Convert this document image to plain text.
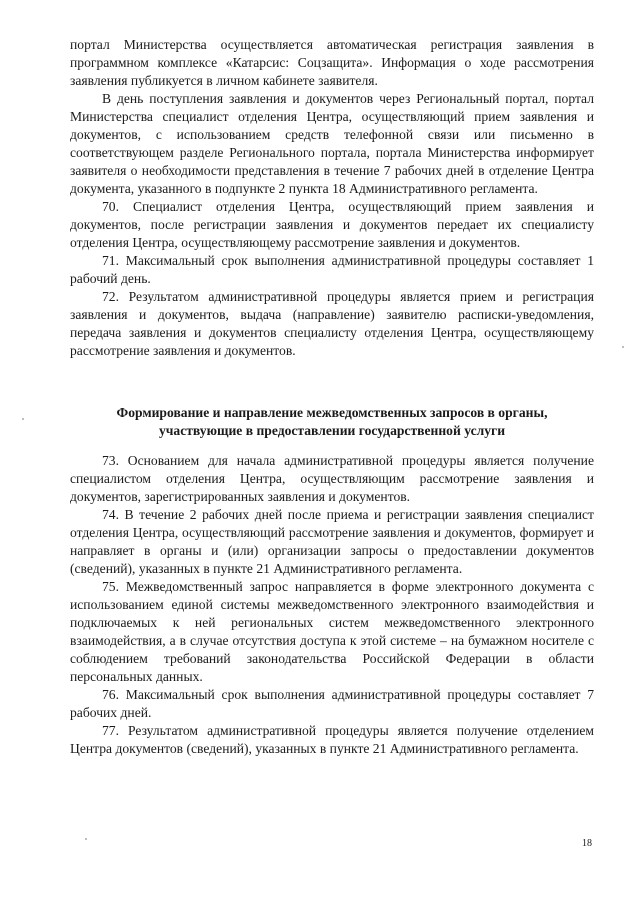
портал Министерства осуществляется автоматическая регистрация заявления в программном комплексе «Катарсис: Соцзащита». Информация о ходе рассмотрения заявления публикуется в личном кабинете заявителя.

В день поступления заявления и документов через Региональный портал, портал Министерства специалист отделения Центра, осуществляющий прием заявления и документов, с использованием средств телефонной связи или письменно в соответствующем разделе Регионального портала, портала Министерства информирует заявителя о необходимости представления в течение 7 рабочих дней в отделение Центра документа, указанного в подпункте 2 пункта 18 Административного регламента.

70. Специалист отделения Центра, осуществляющий прием заявления и документов, после регистрации заявления и документов передает их специалисту отделения Центра, осуществляющему рассмотрение заявления и документов.

71. Максимальный срок выполнения административной процедуры составляет 1 рабочий день.

72. Результатом административной процедуры является прием и регистрация заявления и документов, выдача (направление) заявителю расписки-уведомления, передача заявления и документов специалисту отделения Центра, осуществляющему рассмотрение заявления и документов.

Формирование и направление межведомственных запросов в органы,

участвующие в предоставлении государственной услуги

73. Основанием для начала административной процедуры является получение специалистом отделения Центра, осуществляющим рассмотрение заявления и документов, зарегистрированных заявления и документов.

74. В течение 2 рабочих дней после приема и регистрации заявления специалист отделения Центра, осуществляющий рассмотрение заявления и документов, формирует и направляет в органы и (или) организации запросы о предоставлении документов (сведений), указанных в пункте 21 Административного регламента.

75. Межведомственный запрос направляется в форме электронного документа с использованием единой системы межведомственного электронного взаимодействия и подключаемых к ней региональных систем межведомственного электронного взаимодействия, а в случае отсутствия доступа к этой системе – на бумажном носителе с соблюдением требований законодательства Российской Федерации в области персональных данных.

76. Максимальный срок выполнения административной процедуры составляет 7 рабочих дней.

77. Результатом административной процедуры является получение отделением Центра документов (сведений), указанных в пункте 21 Административного регламента.

18
